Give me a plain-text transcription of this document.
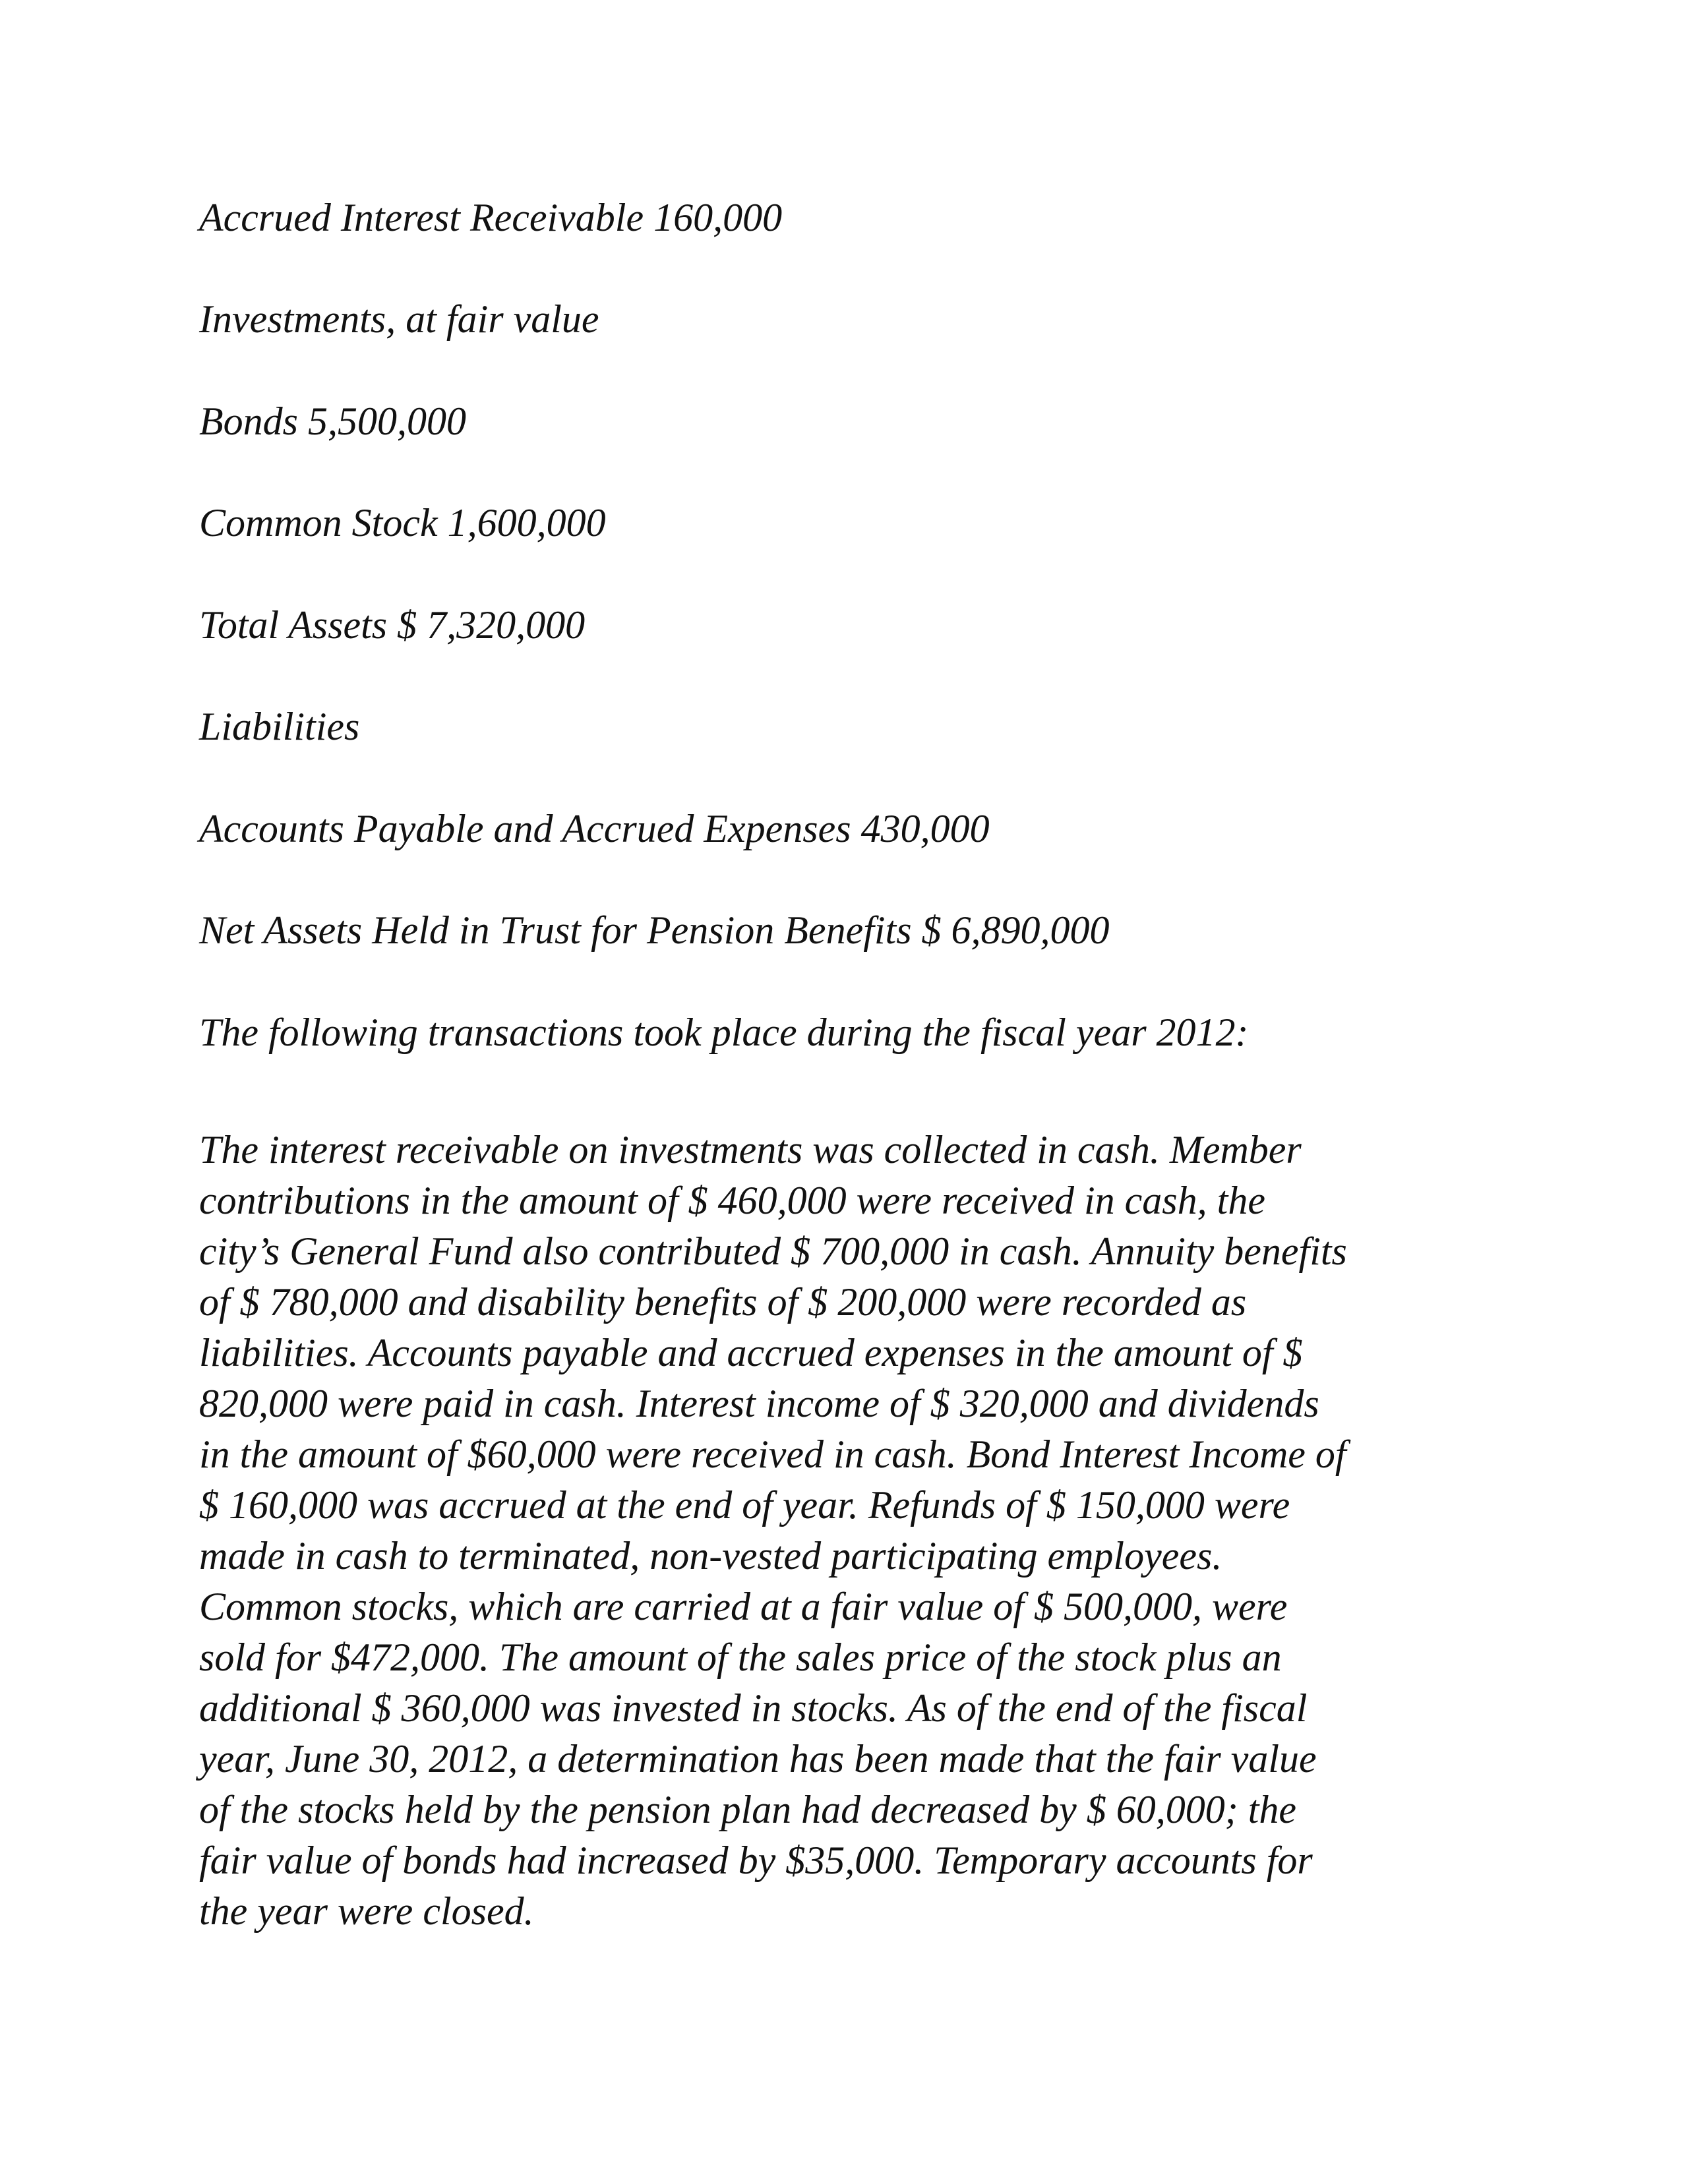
Accrued Interest Receivable 160,000
Investments, at fair value
Bonds 5,500,000
Common Stock 1,600,000
Total Assets $ 7,320,000
Liabilities
Accounts Payable and Accrued Expenses 430,000
Net Assets Held in Trust for Pension Benefits $ 6,890,000
The following transactions took place during the fiscal year 2012:
The interest receivable on investments was collected in cash. Member
contributions in the amount of $ 460,000 were received in cash, the
city’s General Fund also contributed $ 700,000 in cash. Annuity benefits
of $ 780,000 and disability benefits of $ 200,000 were recorded as
liabilities. Accounts payable and accrued expenses in the amount of $
820,000 were paid in cash. Interest income of $ 320,000 and dividends
in the amount of $60,000 were received in cash. Bond Interest Income of
$ 160,000 was accrued at the end of year. Refunds of $ 150,000 were
made in cash to terminated, non-vested participating employees.
Common stocks, which are carried at a fair value of $ 500,000, were
sold for $472,000. The amount of the sales price of the stock plus an
additional $ 360,000 was invested in stocks. As of the end of the fiscal
year, June 30, 2012, a determination has been made that the fair value
of the stocks held by the pension plan had decreased by $ 60,000; the
fair value of bonds had increased by $35,000. Temporary accounts for
the year were closed.
